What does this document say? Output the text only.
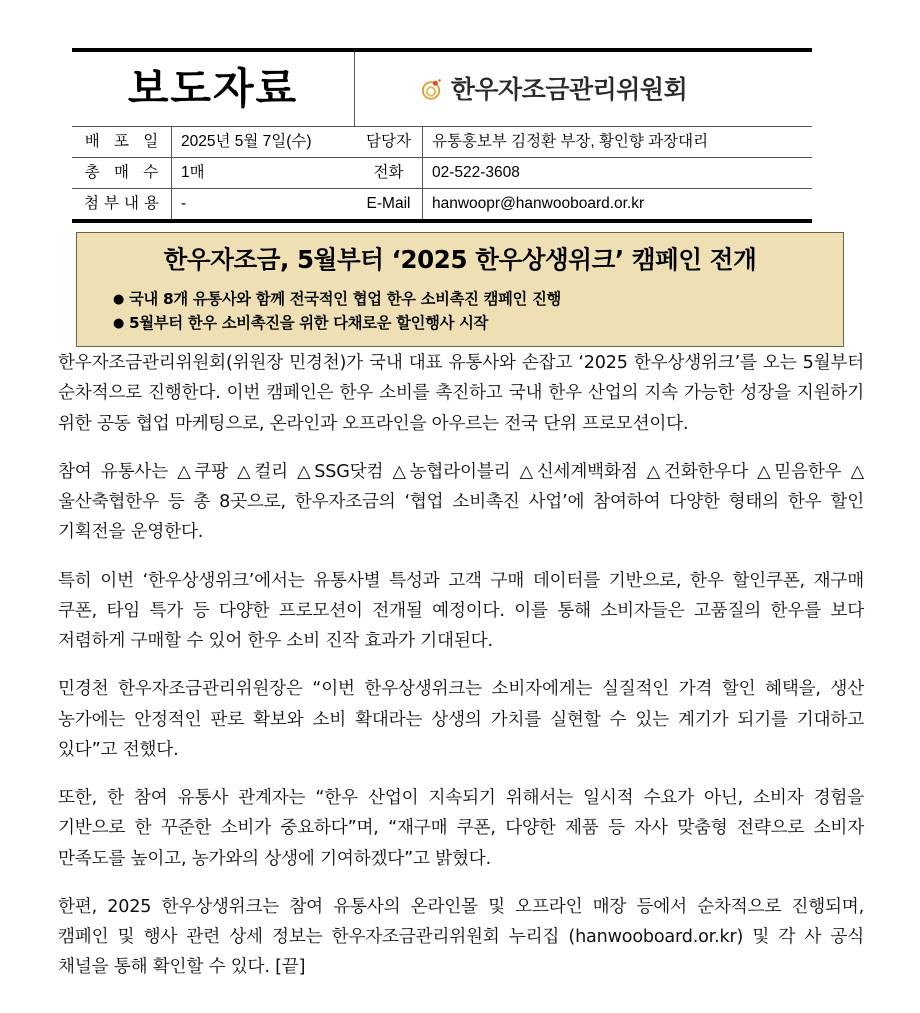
보도자료	한우자조금관리위원회
배 포 일	2025년 5월 7일(수)	담당자	유통홍보부 김정환 부장, 황인향 과장대리
총 매 수	1매	전화	02-522-3608
첨부내용	-	E-Mail	hanwoopr@hanwooboard.or.kr
한우자조금, 5월부터 ‘2025 한우상생위크’ 캠페인 전개
● 국내 8개 유통사와 함께 전국적인 협업 한우 소비촉진 캠페인 진행
● 5월부터 한우 소비촉진을 위한 다채로운 할인행사 시작

한우자조금관리위원회(위원장 민경천)가 국내 대표 유통사와 손잡고 ‘2025 한우상생위크’를 오는 5월부터 순차적으로 진행한다. 이번 캠페인은 한우 소비를 촉진하고 국내 한우 산업의 지속 가능한 성장을 지원하기 위한 공동 협업 마케팅으로, 온라인과 오프라인을 아우르는 전국 단위 프로모션이다.

참여 유통사는 △쿠팡 △컬리 △SSG닷컴 △농협라이블리 △신세계백화점 △건화한우다 △믿음한우 △울산축협한우 등 총 8곳으로, 한우자조금의 ‘협업 소비촉진 사업’에 참여하여 다양한 형태의 한우 할인 기획전을 운영한다.

특히 이번 ‘한우상생위크’에서는 유통사별 특성과 고객 구매 데이터를 기반으로, 한우 할인쿠폰, 재구매 쿠폰, 타임 특가 등 다양한 프로모션이 전개될 예정이다. 이를 통해 소비자들은 고품질의 한우를 보다 저렴하게 구매할 수 있어 한우 소비 진작 효과가 기대된다.

민경천 한우자조금관리위원장은 “이번 한우상생위크는 소비자에게는 실질적인 가격 할인 혜택을, 생산 농가에는 안정적인 판로 확보와 소비 확대라는 상생의 가치를 실현할 수 있는 계기가 되기를 기대하고 있다”고 전했다.

또한, 한 참여 유통사 관계자는 “한우 산업이 지속되기 위해서는 일시적 수요가 아닌, 소비자 경험을 기반으로 한 꾸준한 소비가 중요하다”며, “재구매 쿠폰, 다양한 제품 등 자사 맞춤형 전략으로 소비자 만족도를 높이고, 농가와의 상생에 기여하겠다”고 밝혔다.

한편, 2025 한우상생위크는 참여 유통사의 온라인몰 및 오프라인 매장 등에서 순차적으로 진행되며, 캠페인 및 행사 관련 상세 정보는 한우자조금관리위원회 누리집 (hanwooboard.or.kr) 및 각 사 공식 채널을 통해 확인할 수 있다. [끝]
